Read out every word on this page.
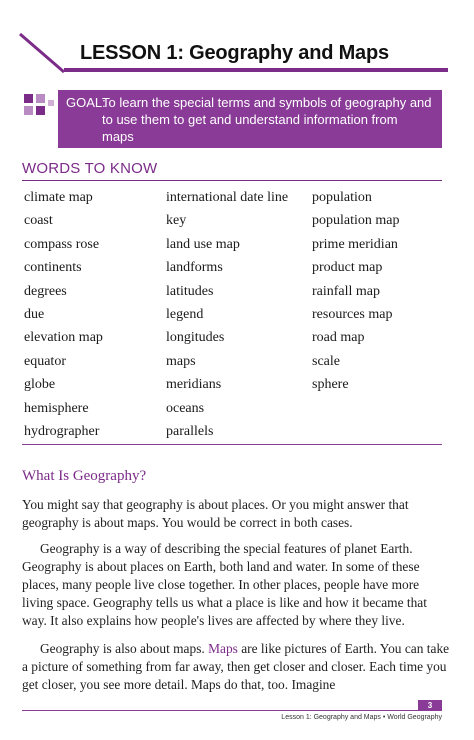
LESSON 1: Geography and Maps
GOAL:
To learn the special terms and symbols of geography and to use them to get and understand information from maps
WORDS TO KNOW
climate map
coast
compass rose
continents
degrees
due
elevation map
equator
globe
hemisphere
hydrographer
international date line
key
land use map
landforms
latitudes
legend
longitudes
maps
meridians
oceans
parallels
population
population map
prime meridian
product map
rainfall map
resources map
road map
scale
sphere
What Is Geography?

You might say that geography is about places. Or you might answer that geography is about maps. You would be correct in both cases.

Geography is a way of describing the special features of planet Earth. Geography is about places on Earth, both land and water. In some of these places, many people live close together. In other places, people have more living space. Geography tells us what a place is like and how it became that way. It also explains how people's lives are affected by where they live.

Geography is also about maps. Maps are like pictures of Earth. You can take a picture of something from far away, then get closer and closer. Each time you get closer, you see more detail. Maps do that, too. Imagine

3
Lesson 1: Geography and Maps • World Geography
